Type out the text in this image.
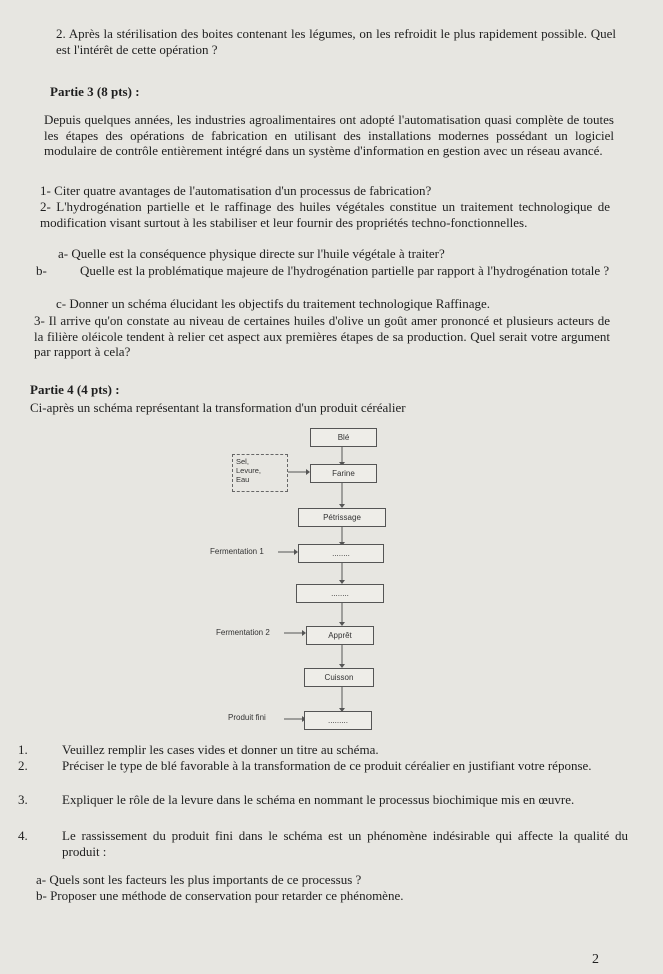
2. Après la stérilisation des boites contenant les légumes, on les refroidit le plus rapidement possible. Quel est l'intérêt de cette opération ?
Partie 3 (8 pts) :
Depuis quelques années, les industries agroalimentaires ont adopté l'automatisation quasi complète de toutes les étapes des opérations de fabrication en utilisant des installations modernes possédant un logiciel modulaire de contrôle entièrement intégré dans un système d'information en gestion avec un réseau avancé.
1- Citer quatre avantages de l'automatisation d'un processus de fabrication?
2- L'hydrogénation partielle et le raffinage des huiles végétales constitue un traitement technologique de modification visant surtout à les stabiliser et leur fournir des propriétés techno-fonctionnelles.
a- Quelle est la conséquence physique directe sur l'huile végétale à traiter?
b-	Quelle est la problématique majeure de l'hydrogénation partielle par rapport à l'hydrogénation totale ?
c- Donner un schéma élucidant les objectifs du traitement technologique Raffinage.
3- Il arrive qu'on constate au niveau de certaines huiles d'olive un goût amer prononcé et plusieurs acteurs de la filière oléicole tendent à relier cet aspect aux premières étapes de sa production. Quel serait votre argument par rapport à cela?
Partie 4 (4 pts) :
Ci-après un schéma représentant la transformation d'un produit céréalier
Blé
Sel,
Levure,
Eau
Farine
Pétrissage
Fermentation 1	........
........
Fermentation 2	Apprêt
Cuisson
Produit fini	.........
1.	Veuillez remplir les cases vides et donner un titre au schéma.
2.	Préciser le type de blé favorable à la transformation de ce produit céréalier en justifiant votre réponse.
3.	Expliquer le rôle de la levure dans le schéma en nommant le processus biochimique mis en œuvre.
4.	Le rassissement du produit fini dans le schéma est un phénomène indésirable qui affecte la qualité du produit :
a- Quels sont les facteurs les plus importants de ce processus ?
b- Proposer une méthode de conservation pour retarder ce phénomène.
2
